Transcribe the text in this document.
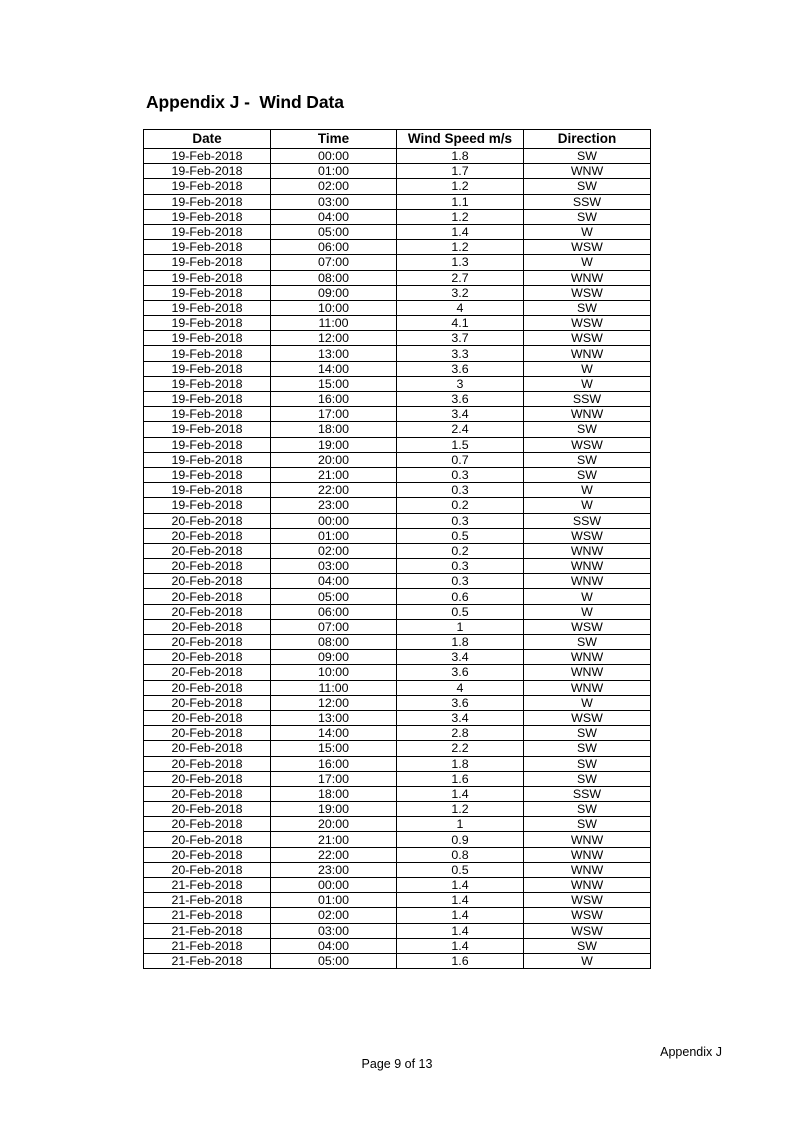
Appendix J -  Wind Data
Date	Time	Wind Speed m/s	Direction
19-Feb-2018	00:00	1.8	SW
19-Feb-2018	01:00	1.7	WNW
19-Feb-2018	02:00	1.2	SW
19-Feb-2018	03:00	1.1	SSW
19-Feb-2018	04:00	1.2	SW
19-Feb-2018	05:00	1.4	W
19-Feb-2018	06:00	1.2	WSW
19-Feb-2018	07:00	1.3	W
19-Feb-2018	08:00	2.7	WNW
19-Feb-2018	09:00	3.2	WSW
19-Feb-2018	10:00	4	SW
19-Feb-2018	11:00	4.1	WSW
19-Feb-2018	12:00	3.7	WSW
19-Feb-2018	13:00	3.3	WNW
19-Feb-2018	14:00	3.6	W
19-Feb-2018	15:00	3	W
19-Feb-2018	16:00	3.6	SSW
19-Feb-2018	17:00	3.4	WNW
19-Feb-2018	18:00	2.4	SW
19-Feb-2018	19:00	1.5	WSW
19-Feb-2018	20:00	0.7	SW
19-Feb-2018	21:00	0.3	SW
19-Feb-2018	22:00	0.3	W
19-Feb-2018	23:00	0.2	W
20-Feb-2018	00:00	0.3	SSW
20-Feb-2018	01:00	0.5	WSW
20-Feb-2018	02:00	0.2	WNW
20-Feb-2018	03:00	0.3	WNW
20-Feb-2018	04:00	0.3	WNW
20-Feb-2018	05:00	0.6	W
20-Feb-2018	06:00	0.5	W
20-Feb-2018	07:00	1	WSW
20-Feb-2018	08:00	1.8	SW
20-Feb-2018	09:00	3.4	WNW
20-Feb-2018	10:00	3.6	WNW
20-Feb-2018	11:00	4	WNW
20-Feb-2018	12:00	3.6	W
20-Feb-2018	13:00	3.4	WSW
20-Feb-2018	14:00	2.8	SW
20-Feb-2018	15:00	2.2	SW
20-Feb-2018	16:00	1.8	SW
20-Feb-2018	17:00	1.6	SW
20-Feb-2018	18:00	1.4	SSW
20-Feb-2018	19:00	1.2	SW
20-Feb-2018	20:00	1	SW
20-Feb-2018	21:00	0.9	WNW
20-Feb-2018	22:00	0.8	WNW
20-Feb-2018	23:00	0.5	WNW
21-Feb-2018	00:00	1.4	WNW
21-Feb-2018	01:00	1.4	WSW
21-Feb-2018	02:00	1.4	WSW
21-Feb-2018	03:00	1.4	WSW
21-Feb-2018	04:00	1.4	SW
21-Feb-2018	05:00	1.6	W
Appendix J
Page 9 of 13
